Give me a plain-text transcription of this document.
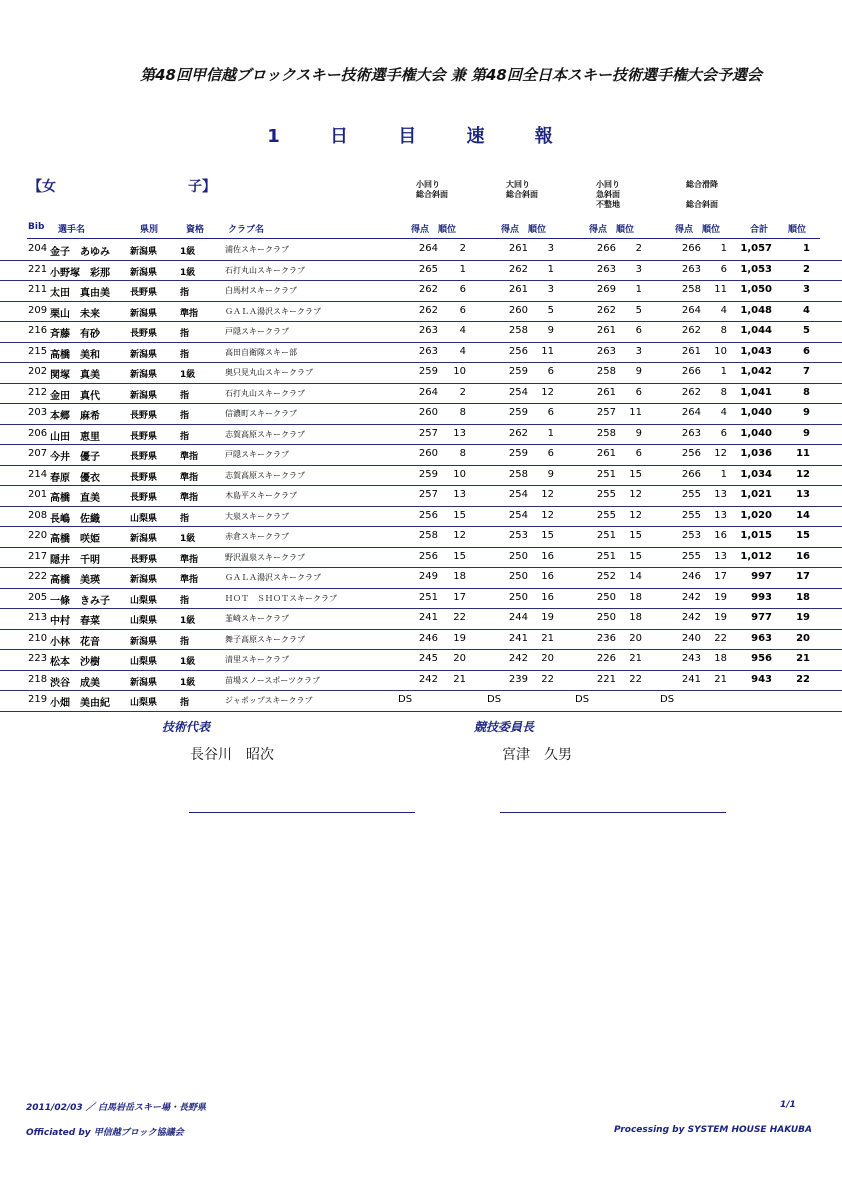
第48回甲信越ブロックスキー技術選手権大会 兼 第48回全日本スキー技術選手権大会予選会
1 日 目 速 報
【女	子】	小回り
総合斜面
大回り
総合斜面
小回り
急斜面
不整地
総合滑降
総合斜面
Bib 選手名	県別	資格	クラブ名	得点 順位	得点 順位	得点 順位	得点 順位	合計 順位
204 金子　あゆみ 新潟県	1級	浦佐スキークラブ	264	2	261	3	266	2	266	1	1,057	1
221 小野塚　彩那 新潟県	1級	石打丸山スキークラブ	265	1	262	1	263	3	263	6	1,053	2
211 太田　真由美 長野県	指	白馬村スキークラブ	262	6	261	3	269	1	258	11	1,050	3
209 栗山　未来	新潟県	準指	ＧＡＬＡ湯沢スキークラブ	262	6	260	5	262	5	264	4	1,048	4
216 斉藤　有砂	長野県	指	戸隠スキークラブ	263	4	258	9	261	6	262	8	1,044	5
215 高橋　美和	新潟県	指	高田自衛隊スキー部	263	4	256	11	263	3	261	10	1,043	6
202 関塚　真美	新潟県	1級	奥只見丸山スキークラブ	259	10	259	6	258	9	266	1	1,042	7
212 金田　真代	新潟県	指	石打丸山スキークラブ	264	2	254	12	261	6	262	8	1,041	8
203 本郷　麻希	長野県	指	信濃町スキークラブ	260	8	259	6	257	11	264	4	1,040	9
206 山田　恵里	長野県	指	志賀高原スキークラブ	257	13	262	1	258	9	263	6	1,040	9
207 今井　優子	長野県	準指	戸隠スキークラブ	260	8	259	6	261	6	256	12	1,036	11
214 春原　優衣	長野県	準指	志賀高原スキークラブ	259	10	258	9	251	15	266	1	1,034	12
201 高橋　直美	長野県	準指	木島平スキークラブ	257	13	254	12	255	12	255	13	1,021	13
208 長嶋　佐織	山梨県	指	大泉スキークラブ	256	15	254	12	255	12	255	13	1,020	14
220 高橋　咲姫	新潟県	1級	赤倉スキークラブ	258	12	253	15	251	15	253	16	1,015	15
217 隠井　千明	長野県	準指	野沢温泉スキークラブ	256	15	250	16	251	15	255	13	1,012	16
222 高橋　美瑛	新潟県	準指	ＧＡＬＡ湯沢スキークラブ	249	18	250	16	252	14	246	17	997	17
205 一條　きみ子 山梨県	指	ＨＯＴ　ＳＨＯＴスキークラブ	251	17	250	16	250	18	242	19	993	18
213 中村　春菜	山梨県	1級	韮崎スキークラブ	241	22	244	19	250	18	242	19	977	19
210 小林　花音	新潟県	指	舞子高原スキークラブ	246	19	241	21	236	20	240	22	963	20
223 松本　沙樹	山梨県	1級	清里スキークラブ	245	20	242	20	226	21	243	18	956	21
218 渋谷　成美	新潟県	1級	苗場スノースポーツクラブ	242	21	239	22	221	22	241	21	943	22
219 小畑　美由紀 山梨県	指	ジャポップスキークラブ	DS	DS	DS	DS
技術代表
長谷川　昭次
競技委員長
宮津　久男
2011/02/03 ／ 白馬岩岳スキー場・長野県	1/1
Officiated by 甲信越ブロック協議会	Processing by SYSTEM HOUSE HAKUBA
